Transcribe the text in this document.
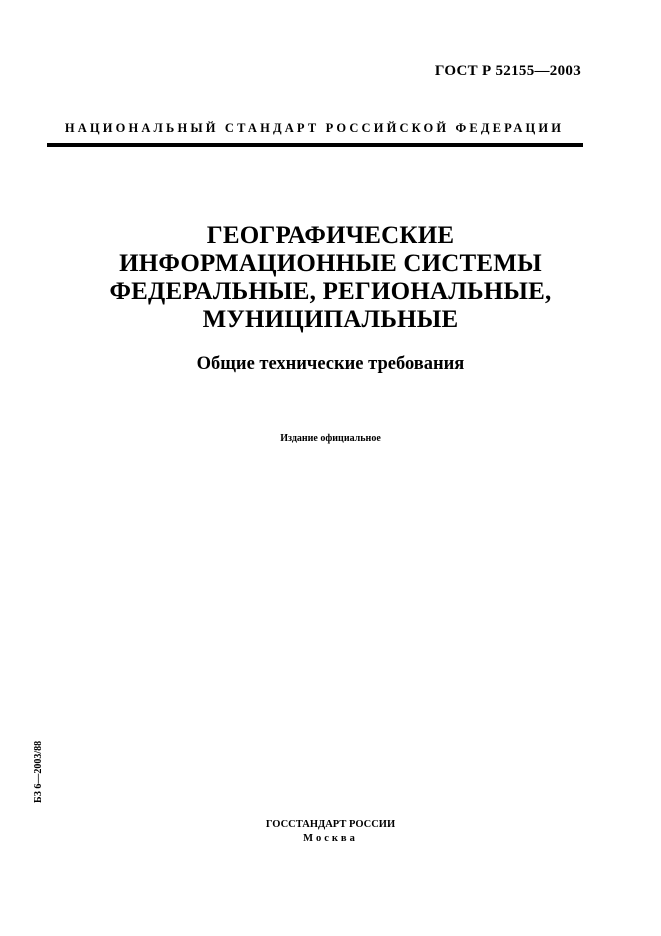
ГОСТ Р 52155—2003
НАЦИОНАЛЬНЫЙ СТАНДАРТ РОССИЙСКОЙ ФЕДЕРАЦИИ
ГЕОГРАФИЧЕСКИЕ
ИНФОРМАЦИОННЫЕ СИСТЕМЫ
ФЕДЕРАЛЬНЫЕ, РЕГИОНАЛЬНЫЕ,
МУНИЦИПАЛЬНЫЕ
Общие технические требования
Издание официальное
БЗ 6—2003/88
ГОССТАНДАРТ РОССИИ
Москва
